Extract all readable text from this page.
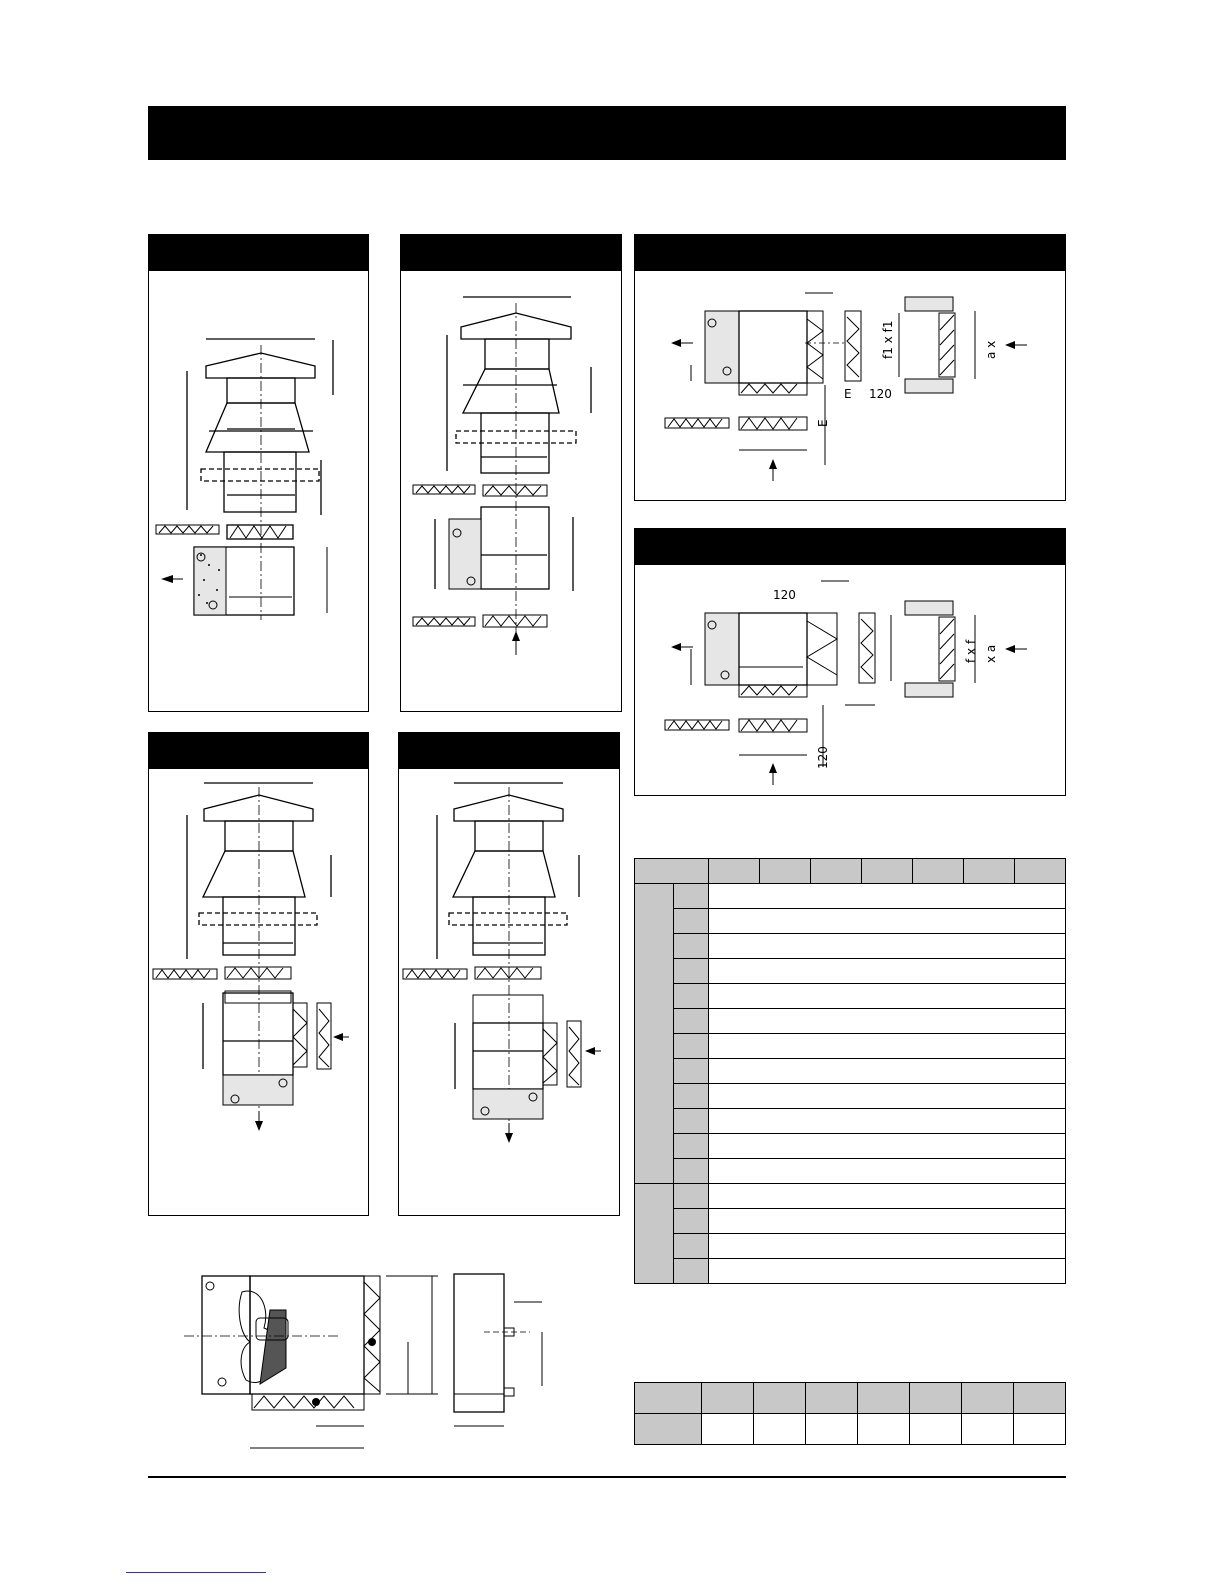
E 120
E
f1 x f1	a x
120
120
f x f x a
